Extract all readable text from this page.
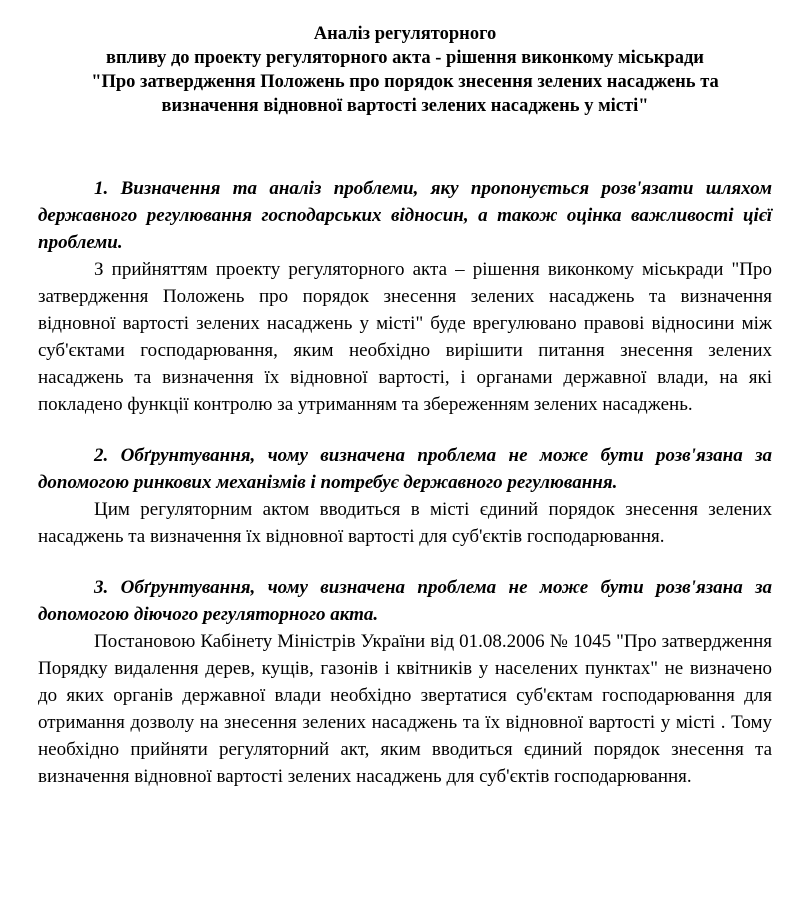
Аналіз регуляторного
впливу до проекту регуляторного акта - рішення виконкому міськради
"Про затвердження Положень про порядок знесення зелених насаджень та
визначення відновної вартості зелених насаджень у місті"

1. Визначення та аналіз проблеми, яку пропонується розв'язати шляхом державного регулювання господарських відносин, а також оцінка важливості цієї проблеми.

З прийняттям проекту регуляторного акта – рішення виконкому міськради "Про затвердження Положень про порядок знесення зелених насаджень та визначення відновної вартості зелених насаджень у місті" буде врегулювано правові відносини між суб'єктами господарювання, яким необхідно вирішити питання знесення зелених насаджень та визначення їх відновної вартості, і органами державної влади, на які покладено функції контролю за утриманням та збереженням зелених насаджень.

2. Обґрунтування, чому визначена проблема не може бути розв'язана за допомогою ринкових механізмів і потребує державного регулювання.

Цим регуляторним актом вводиться в місті єдиний порядок знесення зелених насаджень та визначення їх відновної вартості для суб'єктів господарювання.

3. Обґрунтування, чому визначена проблема не може бути розв'язана за допомогою діючого регуляторного акта.

Постановою Кабінету Міністрів України від 01.08.2006 № 1045 "Про затвердження Порядку видалення дерев, кущів, газонів і квітників у населених пунктах" не визначено до яких органів державної влади необхідно звертатися суб'єктам господарювання для отримання дозволу на знесення зелених насаджень та їх відновної вартості у місті . Тому необхідно прийняти регуляторний акт, яким вводиться єдиний порядок знесення та визначення відновної вартості зелених насаджень для суб'єктів господарювання.
